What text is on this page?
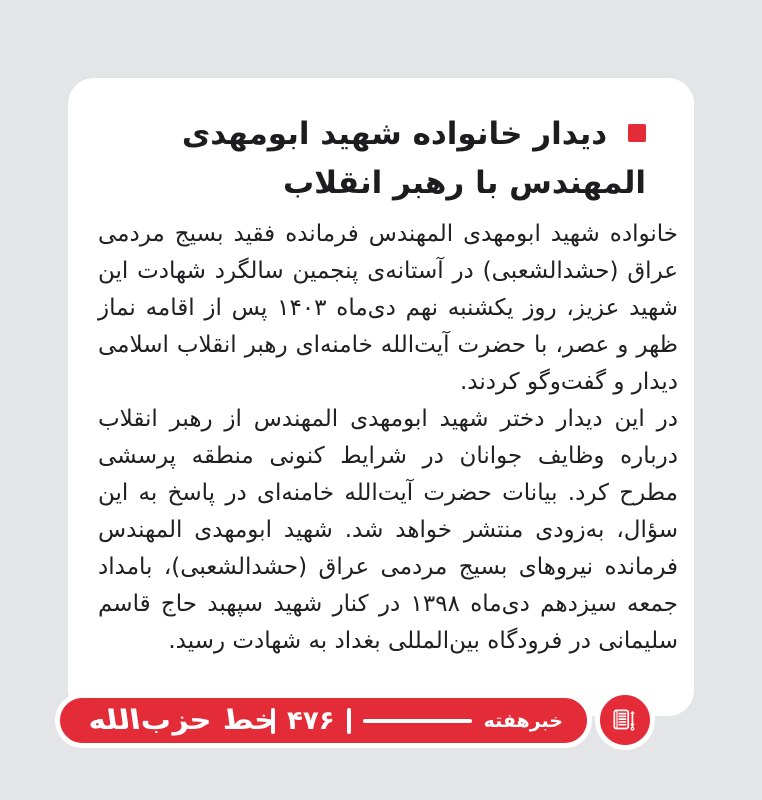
دیدار خانواده شهید ابومهدی المهندس با رهبر انقلاب

خانواده شهید ابومهدی المهندس فرمانده فقید بسیج مردمی عراق (حشدالشعبی) در آستانه‌ی پنجمین سالگرد شهادت این شهید عزیز، روز یکشنبه نهم دی‌ماه ۱۴۰۳ پس از اقامه نماز ظهر و عصر، با حضرت آیت‌الله خامنه‌ای رهبر انقلاب اسلامی دیدار و گفت‌وگو کردند.

در این دیدار دختر شهید ابومهدی المهندس از رهبر انقلاب درباره وظایف جوانان در شرایط کنونی منطقه پرسشی مطرح کرد. بیانات حضرت آیت‌الله خامنه‌ای در پاسخ به این سؤال، به‌زودی منتشر خواهد شد. شهید ابومهدی المهندس فرمانده نیروهای بسیج مردمی عراق (حشدالشعبی)، بامداد جمعه سیزدهم دی‌ماه ۱۳۹۸ در کنار شهید سپهبد حاج قاسم سلیمانی در فرودگاه بین‌المللی بغداد به شهادت رسید.

خبرهفته
۴۷۶
خط حزب‌الله
